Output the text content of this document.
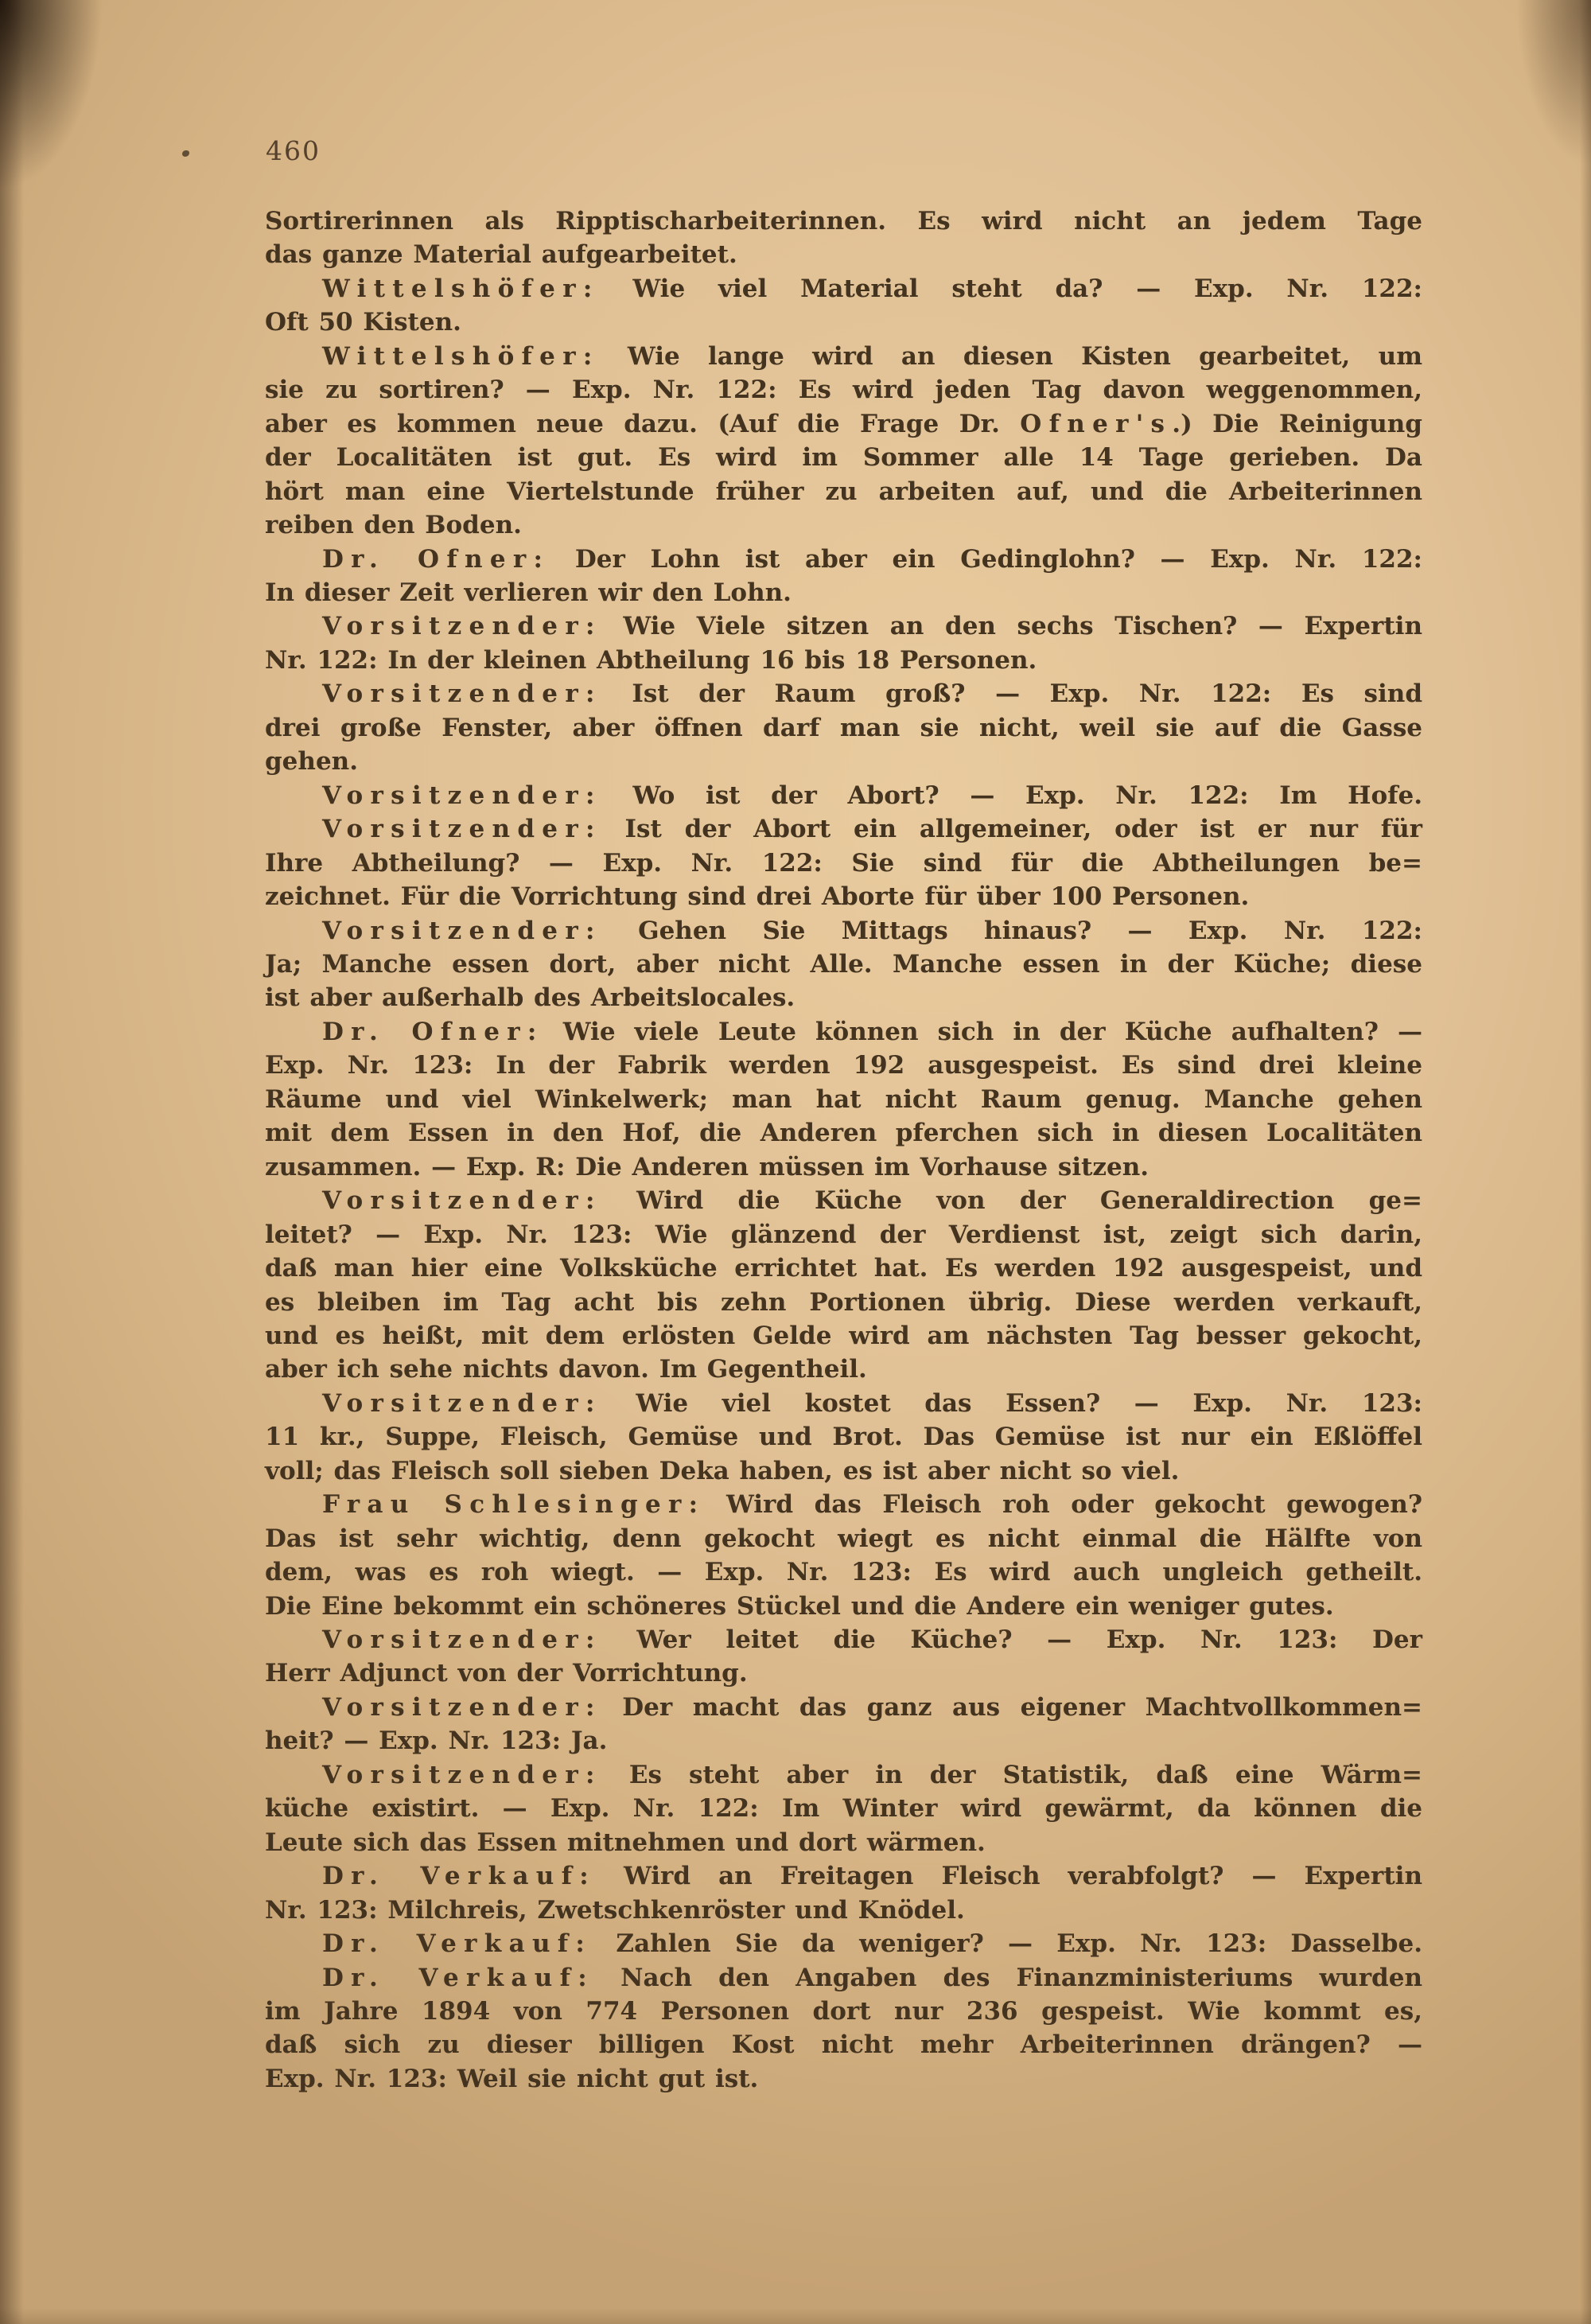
460
Sortirerinnen als Ripptischarbeiterinnen. Es wird nicht an jedem Tage
das ganze Material aufgearbeitet.
Wittelshöfer: Wie viel Material steht da? — Exp. Nr. 122:
Oft 50 Kisten.
Wittelshöfer: Wie lange wird an diesen Kisten gearbeitet, um
sie zu sortiren? — Exp. Nr. 122: Es wird jeden Tag davon weggenommen,
aber es kommen neue dazu. (Auf die Frage Dr. Ofner's.) Die Reinigung
der Localitäten ist gut. Es wird im Sommer alle 14 Tage gerieben. Da
hört man eine Viertelstunde früher zu arbeiten auf, und die Arbeiterinnen
reiben den Boden.
Dr. Ofner: Der Lohn ist aber ein Gedinglohn? — Exp. Nr. 122:
In dieser Zeit verlieren wir den Lohn.
Vorsitzender: Wie Viele sitzen an den sechs Tischen? — Expertin
Nr. 122: In der kleinen Abtheilung 16 bis 18 Personen.
Vorsitzender: Ist der Raum groß? — Exp. Nr. 122: Es sind
drei große Fenster, aber öffnen darf man sie nicht, weil sie auf die Gasse
gehen.
Vorsitzender: Wo ist der Abort? — Exp. Nr. 122: Im Hofe.
Vorsitzender: Ist der Abort ein allgemeiner, oder ist er nur für
Ihre Abtheilung? — Exp. Nr. 122: Sie sind für die Abtheilungen be=
zeichnet. Für die Vorrichtung sind drei Aborte für über 100 Personen.
Vorsitzender: Gehen Sie Mittags hinaus? — Exp. Nr. 122:
Ja; Manche essen dort, aber nicht Alle. Manche essen in der Küche; diese
ist aber außerhalb des Arbeitslocales.
Dr. Ofner: Wie viele Leute können sich in der Küche aufhalten? —
Exp. Nr. 123: In der Fabrik werden 192 ausgespeist. Es sind drei kleine
Räume und viel Winkelwerk; man hat nicht Raum genug. Manche gehen
mit dem Essen in den Hof, die Anderen pferchen sich in diesen Localitäten
zusammen. — Exp. R: Die Anderen müssen im Vorhause sitzen.
Vorsitzender: Wird die Küche von der Generaldirection ge=
leitet? — Exp. Nr. 123: Wie glänzend der Verdienst ist, zeigt sich darin,
daß man hier eine Volksküche errichtet hat. Es werden 192 ausgespeist, und
es bleiben im Tag acht bis zehn Portionen übrig. Diese werden verkauft,
und es heißt, mit dem erlösten Gelde wird am nächsten Tag besser gekocht,
aber ich sehe nichts davon. Im Gegentheil.
Vorsitzender: Wie viel kostet das Essen? — Exp. Nr. 123:
11 kr., Suppe, Fleisch, Gemüse und Brot. Das Gemüse ist nur ein Eßlöffel
voll; das Fleisch soll sieben Deka haben, es ist aber nicht so viel.
Frau Schlesinger: Wird das Fleisch roh oder gekocht gewogen?
Das ist sehr wichtig, denn gekocht wiegt es nicht einmal die Hälfte von
dem, was es roh wiegt. — Exp. Nr. 123: Es wird auch ungleich getheilt.
Die Eine bekommt ein schöneres Stückel und die Andere ein weniger gutes.
Vorsitzender: Wer leitet die Küche? — Exp. Nr. 123: Der
Herr Adjunct von der Vorrichtung.
Vorsitzender: Der macht das ganz aus eigener Machtvollkommen=
heit? — Exp. Nr. 123: Ja.
Vorsitzender: Es steht aber in der Statistik, daß eine Wärm=
küche existirt. — Exp. Nr. 122: Im Winter wird gewärmt, da können die
Leute sich das Essen mitnehmen und dort wärmen.
Dr. Verkauf: Wird an Freitagen Fleisch verabfolgt? — Expertin
Nr. 123: Milchreis, Zwetschkenröster und Knödel.
Dr. Verkauf: Zahlen Sie da weniger? — Exp. Nr. 123: Dasselbe.
Dr. Verkauf: Nach den Angaben des Finanzministeriums wurden
im Jahre 1894 von 774 Personen dort nur 236 gespeist. Wie kommt es,
daß sich zu dieser billigen Kost nicht mehr Arbeiterinnen drängen? —
Exp. Nr. 123: Weil sie nicht gut ist.
